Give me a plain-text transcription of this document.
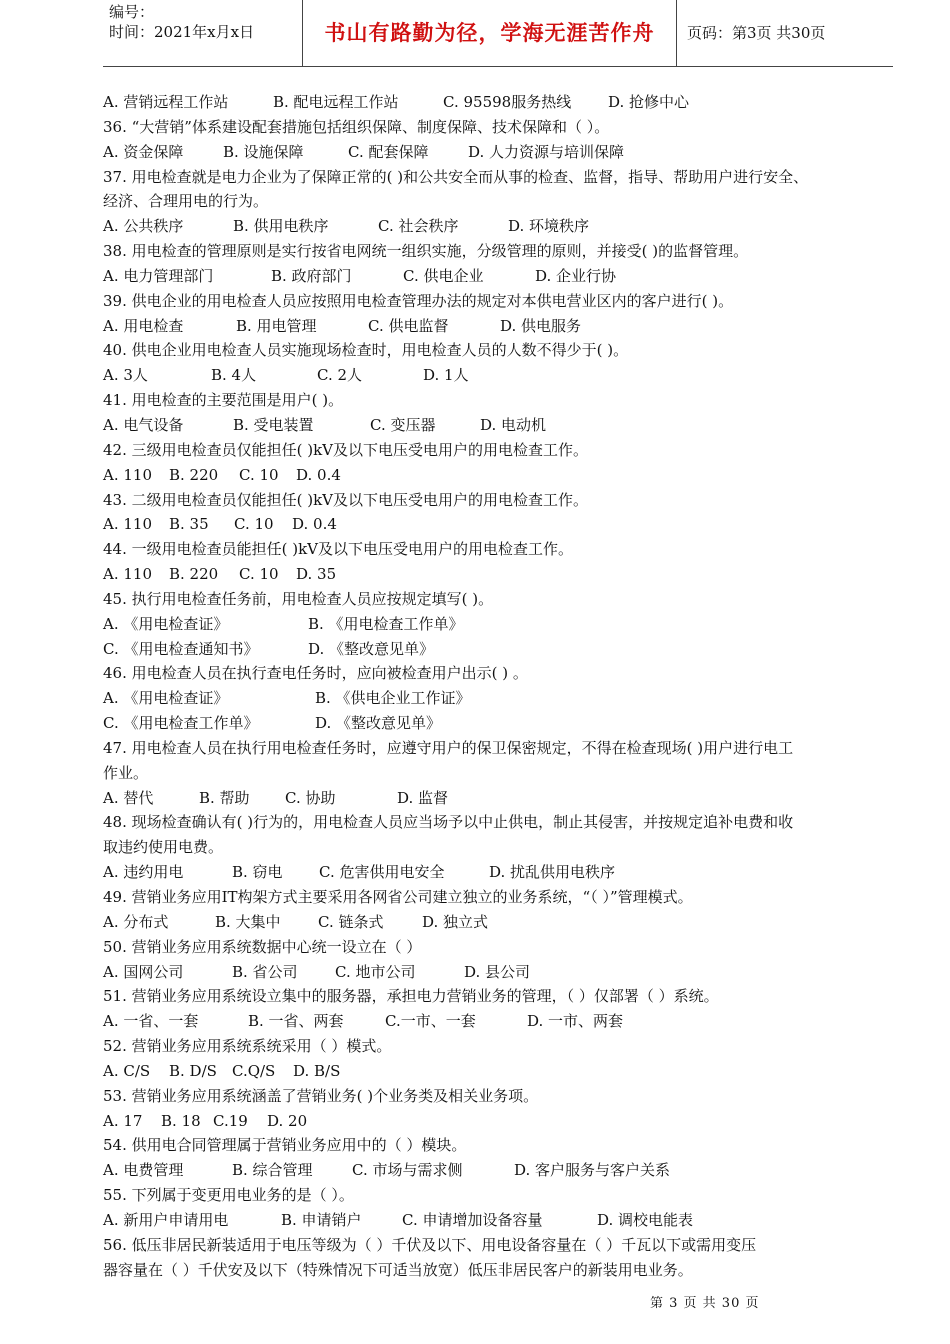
编号：
时间：2021年x月x日	书山有路勤为径，学海无涯苦作舟	页码：第3页 共30页
A. 营销远程工作站	B. 配电远程工作站	C. 95598服务热线 D. 抢修中心
36. “大营销”体系建设配套措施包括组织保障、制度保障、技术保障和（ ）。
A. 资金保障	B. 设施保障	C. 配套保障	D. 人力资源与培训保障
37. 用电检查就是电力企业为了保障正常的( )和公共安全而从事的检查、监督，指导、帮助用户进行安全、
经济、合理用电的行为。
A. 公共秩序	B. 供用电秩序	C. 社会秩序	D. 环境秩序
38. 用电检查的管理原则是实行按省电网统一组织实施，分级管理的原则，并接受( )的监督管理。
A. 电力管理部门	B. 政府部门	C. 供电企业	D. 企业行协
39. 供电企业的用电检查人员应按照用电检查管理办法的规定对本供电营业区内的客户进行( )。
A. 用电检查	B. 用电管理	C. 供电监督	D. 供电服务
40. 供电企业用电检查人员实施现场检查时，用电检查人员的人数不得少于( )。
A. 3人	B. 4人	C. 2人	D. 1人
41. 用电检查的主要范围是用户( )。
A. 电气设备	B. 受电装置	C. 变压器	D. 电动机
42. 三级用电检查员仅能担任( )kV及以下电压受电用户的用电检查工作。
A. 110 B. 220 C. 10 D. 0.4
43. 二级用电检查员仅能担任( )kV及以下电压受电用户的用电检查工作。
A. 110 B. 35 C. 10 D. 0.4
44. 一级用电检查员能担任( )kV及以下电压受电用户的用电检查工作。
A. 110 B. 220 C. 10 D. 35
45. 执行用电检查任务前，用电检查人员应按规定填写( )。
A. 《用电检查证》	B. 《用电检查工作单》
C. 《用电检查通知书》	D. 《整改意见单》
46. 用电检查人员在执行查电任务时，应向被检查用户出示( ) 。
A. 《用电检查证》	B. 《供电企业工作证》
C. 《用电检查工作单》	D. 《整改意见单》
47. 用电检查人员在执行用电检查任务时，应遵守用户的保卫保密规定，不得在检查现场( )用户进行电工
作业。
A. 替代	B. 帮助 C. 协助	D. 监督
48. 现场检查确认有( )行为的，用电检查人员应当场予以中止供电，制止其侵害，并按规定追补电费和收
取违约使用电费。
A. 违约用电	B. 窃电 C. 危害供用电安全	D. 扰乱供用电秩序
49. 营销业务应用IT构架方式主要采用各网省公司建立独立的业务系统，“（ ）”管理模式。
A. 分布式	B. 大集中 C. 链条式	D. 独立式
50. 营销业务应用系统数据中心统一设立在（ ）
A. 国网公司	B. 省公司 C. 地市公司	D. 县公司
51. 营销业务应用系统设立集中的服务器，承担电力营销业务的管理，（ ）仅部署（ ）系统。
A. 一省、一套	B. 一省、两套	C.一市、一套	D. 一市、两套
52. 营销业务应用系统系统采用（ ）模式。
A. C/S B. D/S C.Q/S D. B/S
53. 营销业务应用系统涵盖了营销业务( )个业务类及相关业务项。
A. 17 B. 18 C.19 D. 20
54. 供用电合同管理属于营销业务应用中的（ ）模块。
A. 电费管理	B. 综合管理	C. 市场与需求侧	D. 客户服务与客户关系
55. 下列属于变更用电业务的是（ ）。
A. 新用户申请用电	B. 申请销户	C. 申请增加设备容量	D. 调校电能表
56. 低压非居民新装适用于电压等级为（ ）千伏及以下、用电设备容量在（ ）千瓦以下或需用变压
器容量在（ ）千伏安及以下（特殊情况下可适当放宽）低压非居民客户的新装用电业务。
第 3 页 共 30 页
